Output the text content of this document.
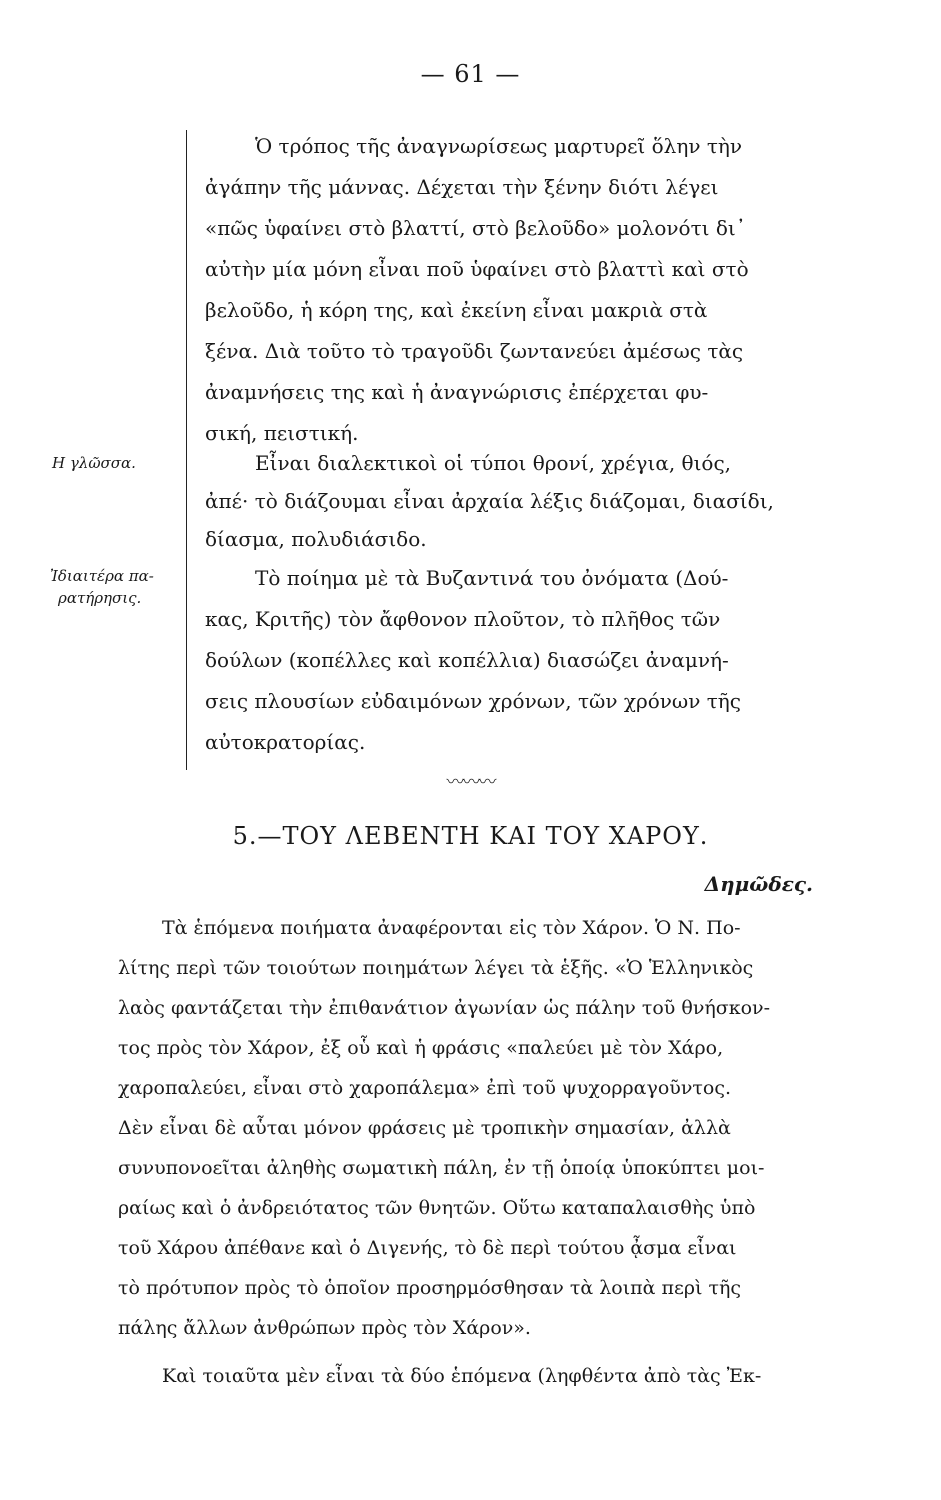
— 61 —
Η γλῶσσα.
Ἰδιαιτέρα πα-
ρατήρησις.
Ὁ τρόπος τῆς ἀναγνωρίσεως μαρτυρεῖ ὅλην τὴν
ἀγάπην τῆς μάννας. Δέχεται τὴν ξένην διότι λέγει
«πῶς ὑφαίνει στὸ βλαττί, στὸ βελοῦδο» μολονότι δι᾽
αὐτὴν μία μόνη εἶναι ποῦ ὑφαίνει στὸ βλαττὶ καὶ στὸ
βελοῦδο, ἡ κόρη της, καὶ ἐκείνη εἶναι μακριὰ στὰ
ξένα. Διὰ τοῦτο τὸ τραγοῦδι ζωντανεύει ἀμέσως τὰς
ἀναμνήσεις της καὶ ἡ ἀναγνώρισις ἐπέρχεται φυ-
σική, πειστική.
Εἶναι διαλεκτικοὶ οἱ τύποι θρονί, χρέγια, θιός,
ἀπέ· τὸ διάζουμαι εἶναι ἀρχαία λέξις διάζομαι, διασίδι,
δίασμα, πολυδιάσιδο.
Τὸ ποίημα μὲ τὰ Βυζαντινά του ὀνόματα (Δού-
κας, Κριτῆς) τὸν ἄφθονον πλοῦτον, τὸ πλῆθος τῶν
δούλων (κοπέλλες καὶ κοπέλλια) διασώζει ἀναμνή-
σεις πλουσίων εὐδαιμόνων χρόνων, τῶν χρόνων τῆς
αὐτοκρατορίας.
〰〰〰
5.—ΤΟΥ ΛΕΒΕΝΤΗ ΚΑΙ ΤΟΥ ΧΑΡΟΥ.
Δημῶδες.
Τὰ ἑπόμενα ποιήματα ἀναφέρονται εἰς τὸν Χάρον. Ὁ Ν. Πο-
λίτης περὶ τῶν τοιούτων ποιημάτων λέγει τὰ ἑξῆς. «Ὁ Ἑλληνικὸς
λαὸς φαντάζεται τὴν ἐπιθανάτιον ἀγωνίαν ὡς πάλην τοῦ θνήσκον-
τος πρὸς τὸν Χάρον, ἐξ οὗ καὶ ἡ φράσις «παλεύει μὲ τὸν Χάρο,
χαροπαλεύει, εἶναι στὸ χαροπάλεμα» ἐπὶ τοῦ ψυχορραγοῦντος.
Δὲν εἶναι δὲ αὗται μόνον φράσεις μὲ τροπικὴν σημασίαν, ἀλλὰ
συνυπονοεῖται ἀληθὴς σωματικὴ πάλη, ἐν τῇ ὁποίᾳ ὑποκύπτει μοι-
ραίως καὶ ὁ ἀνδρειότατος τῶν θνητῶν. Οὕτω καταπαλαισθὴς ὑπὸ
τοῦ Χάρου ἀπέθανε καὶ ὁ Διγενής, τὸ δὲ περὶ τούτου ᾆσμα εἶναι
τὸ πρότυπον πρὸς τὸ ὁποῖον προσηρμόσθησαν τὰ λοιπὰ περὶ τῆς
πάλης ἄλλων ἀνθρώπων πρὸς τὸν Χάρον».
Καὶ τοιαῦτα μὲν εἶναι τὰ δύο ἑπόμενα (ληφθέντα ἀπὸ τὰς Ἐκ-
